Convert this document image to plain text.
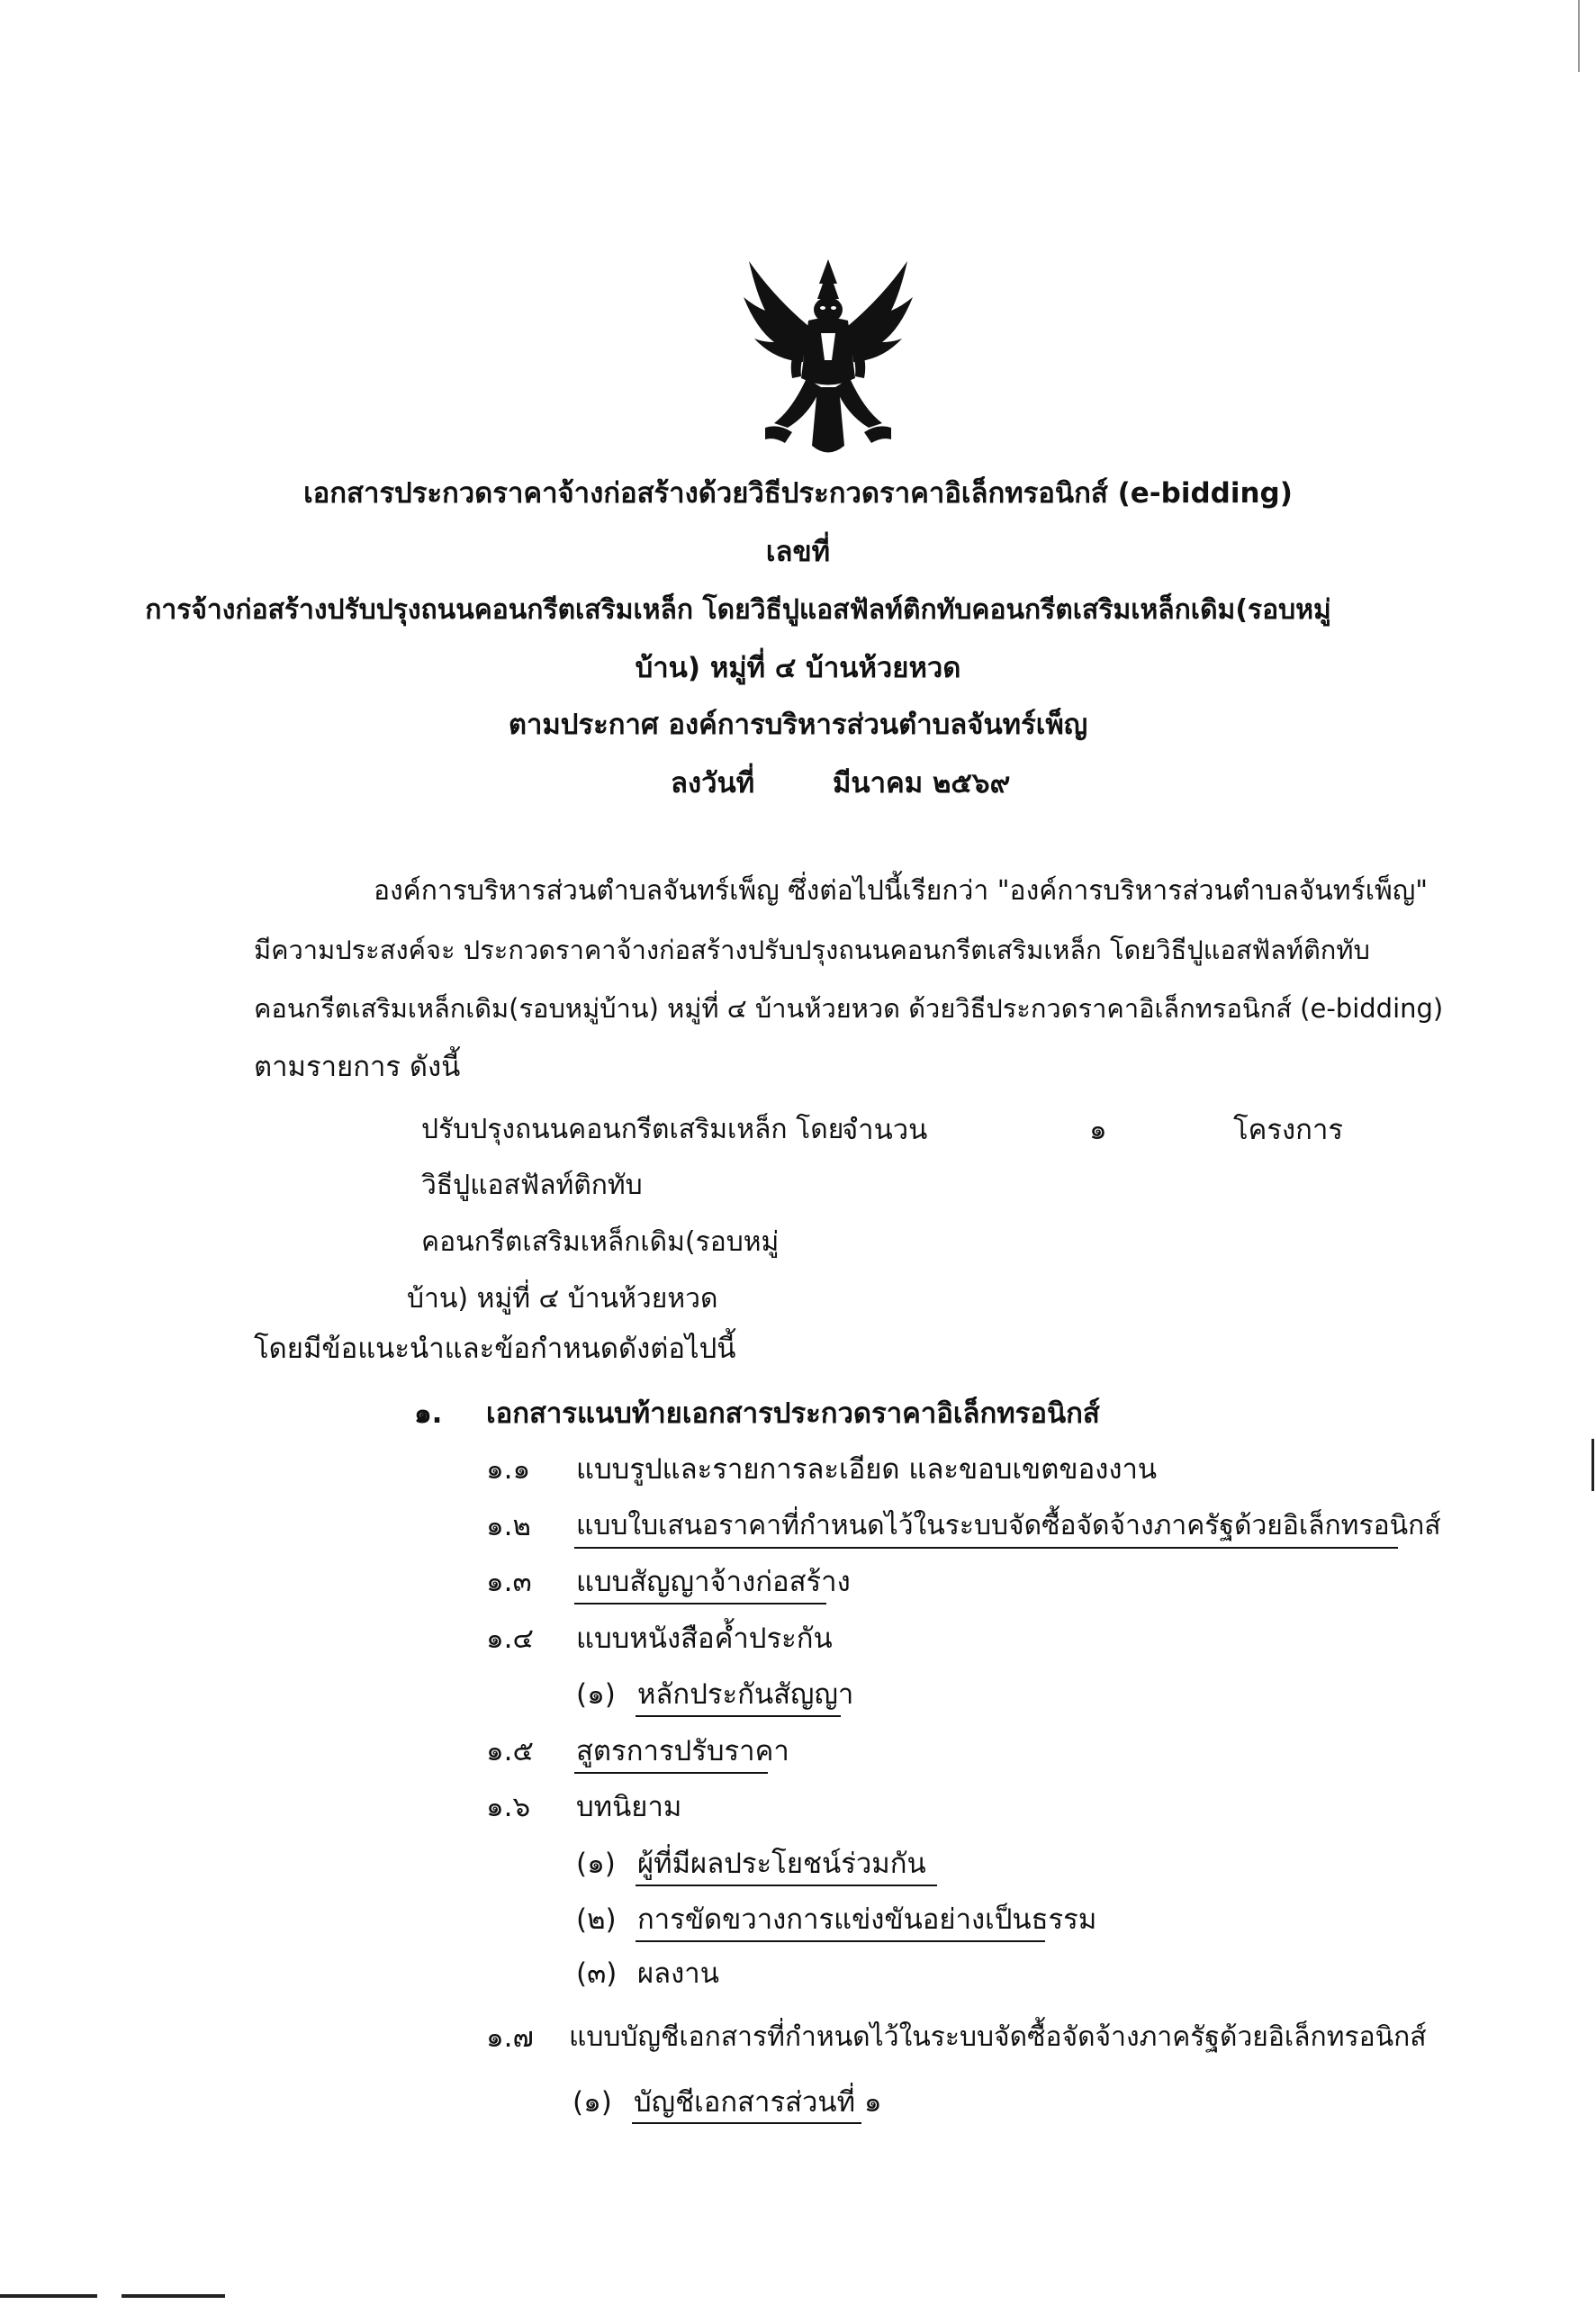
เอกสารประกวดราคาจ้างก่อสร้างด้วยวิธีประกวดราคาอิเล็กทรอนิกส์ (e-bidding)
เลขที่
การจ้างก่อสร้างปรับปรุงถนนคอนกรีตเสริมเหล็ก โดยวิธีปูแอสฟัลท์ติกทับคอนกรีตเสริมเหล็กเดิม(รอบหมู่
บ้าน) หมู่ที่ ๔ บ้านห้วยหวด
ตามประกาศ องค์การบริหารส่วนตำบลจันทร์เพ็ญ
ลงวันที่	มีนาคม ๒๕๖๙
องค์การบริหารส่วนตำบลจันทร์เพ็ญ ซึ่งต่อไปนี้เรียกว่า "องค์การบริหารส่วนตำบลจันทร์เพ็ญ"
มีความประสงค์จะ ประกวดราคาจ้างก่อสร้างปรับปรุงถนนคอนกรีตเสริมเหล็ก โดยวิธีปูแอสฟัลท์ติกทับ
คอนกรีตเสริมเหล็กเดิม(รอบหมู่บ้าน) หมู่ที่ ๔ บ้านห้วยหวด ด้วยวิธีประกวดราคาอิเล็กทรอนิกส์ (e-bidding)
ตามรายการ ดังนี้
ปรับปรุงถนนคอนกรีตเสริมเหล็ก โดย
วิธีปูแอสฟัลท์ติกทับ
คอนกรีตเสริมเหล็กเดิม(รอบหมู่
บ้าน) หมู่ที่ ๔ บ้านห้วยหวด
จำนวน	๑	โครงการ
โดยมีข้อแนะนำและข้อกำหนดดังต่อไปนี้
๑. เอกสารแนบท้ายเอกสารประกวดราคาอิเล็กทรอนิกส์
๑.๑ แบบรูปและรายการละเอียด และขอบเขตของงาน
๑.๒ แบบใบเสนอราคาที่กำหนดไว้ในระบบจัดซื้อจัดจ้างภาครัฐด้วยอิเล็กทรอนิกส์
๑.๓ แบบสัญญาจ้างก่อสร้าง
๑.๔ แบบหนังสือค้ำประกัน
(๑) หลักประกันสัญญา
๑.๕ สูตรการปรับราคา
๑.๖ บทนิยาม
(๑) ผู้ที่มีผลประโยชน์ร่วมกัน
(๒) การขัดขวางการแข่งขันอย่างเป็นธรรม
(๓) ผลงาน
๑.๗ แบบบัญชีเอกสารที่กำหนดไว้ในระบบจัดซื้อจัดจ้างภาครัฐด้วยอิเล็กทรอนิกส์
(๑) บัญชีเอกสารส่วนที่ ๑
